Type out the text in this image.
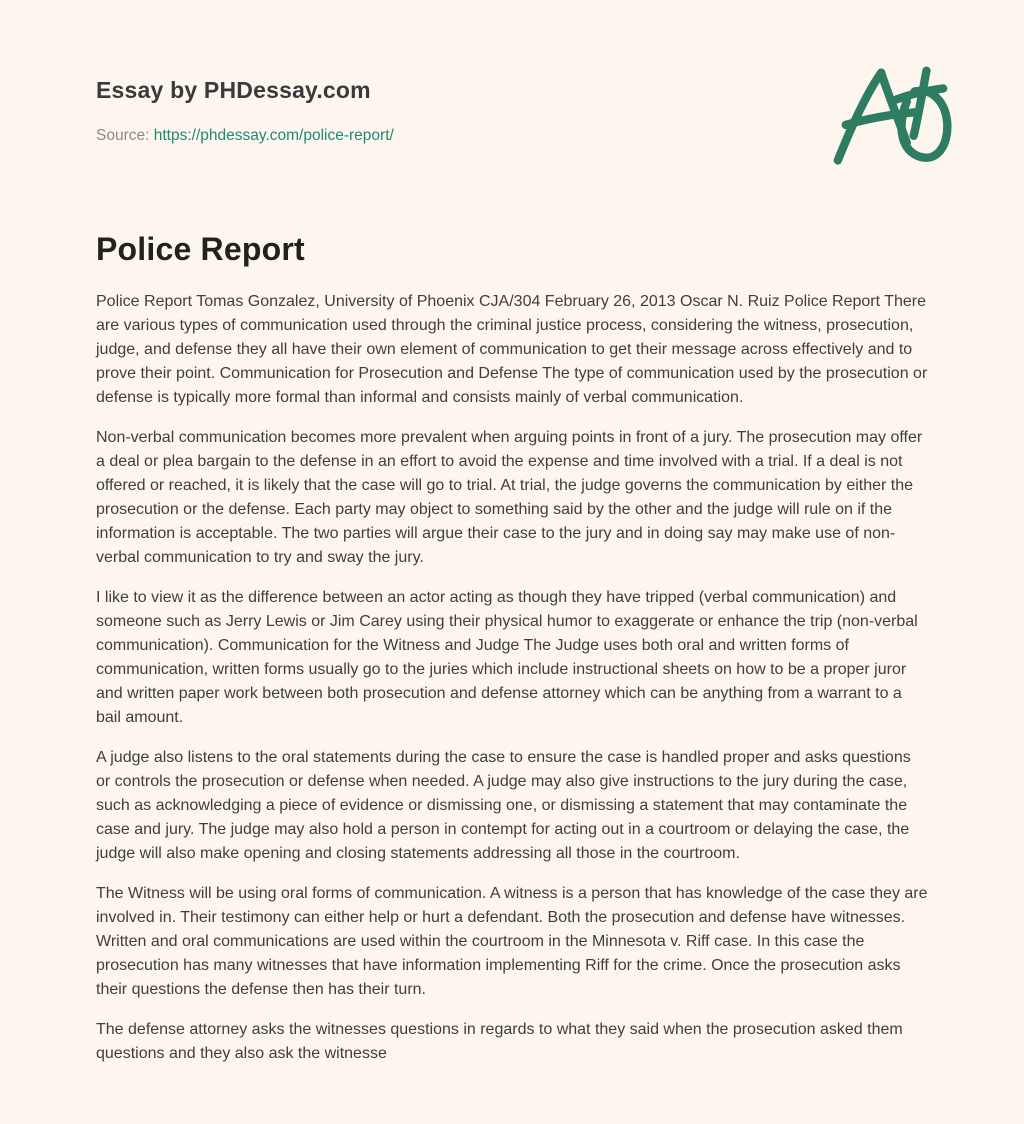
Essay by PHDessay.com
Source: https://phdessay.com/police-report/
Police Report

Police Report Tomas Gonzalez, University of Phoenix CJA/304 February 26, 2013 Oscar N. Ruiz Police Report There are various types of communication used through the criminal justice process, considering the witness, prosecution, judge, and defense they all have their own element of communication to get their message across effectively and to prove their point. Communication for Prosecution and Defense The type of communication used by the prosecution or defense is typically more formal than informal and consists mainly of verbal communication.

Non-verbal communication becomes more prevalent when arguing points in front of a jury. The prosecution may offer a deal or plea bargain to the defense in an effort to avoid the expense and time involved with a trial. If a deal is not offered or reached, it is likely that the case will go to trial. At trial, the judge governs the communication by either the prosecution or the defense. Each party may object to something said by the other and the judge will rule on if the information is acceptable. The two parties will argue their case to the jury and in doing say may make use of non-verbal communication to try and sway the jury.

I like to view it as the difference between an actor acting as though they have tripped (verbal communication) and someone such as Jerry Lewis or Jim Carey using their physical humor to exaggerate or enhance the trip (non-verbal communication). Communication for the Witness and Judge The Judge uses both oral and written forms of communication, written forms usually go to the juries which include instructional sheets on how to be a proper juror and written paper work between both prosecution and defense attorney which can be anything from a warrant to a bail amount.

A judge also listens to the oral statements during the case to ensure the case is handled proper and asks questions or controls the prosecution or defense when needed. A judge may also give instructions to the jury during the case, such as acknowledging a piece of evidence or dismissing one, or dismissing a statement that may contaminate the case and jury. The judge may also hold a person in contempt for acting out in a courtroom or delaying the case, the judge will also make opening and closing statements addressing all those in the courtroom.

The Witness will be using oral forms of communication. A witness is a person that has knowledge of the case they are involved in. Their testimony can either help or hurt a defendant. Both the prosecution and defense have witnesses. Written and oral communications are used within the courtroom in the Minnesota v. Riff case. In this case the prosecution has many witnesses that have information implementing Riff for the crime. Once the prosecution asks their questions the defense then has their turn.

The defense attorney asks the witnesses questions in regards to what they said when the prosecution asked them questions and they also ask the witnesse
